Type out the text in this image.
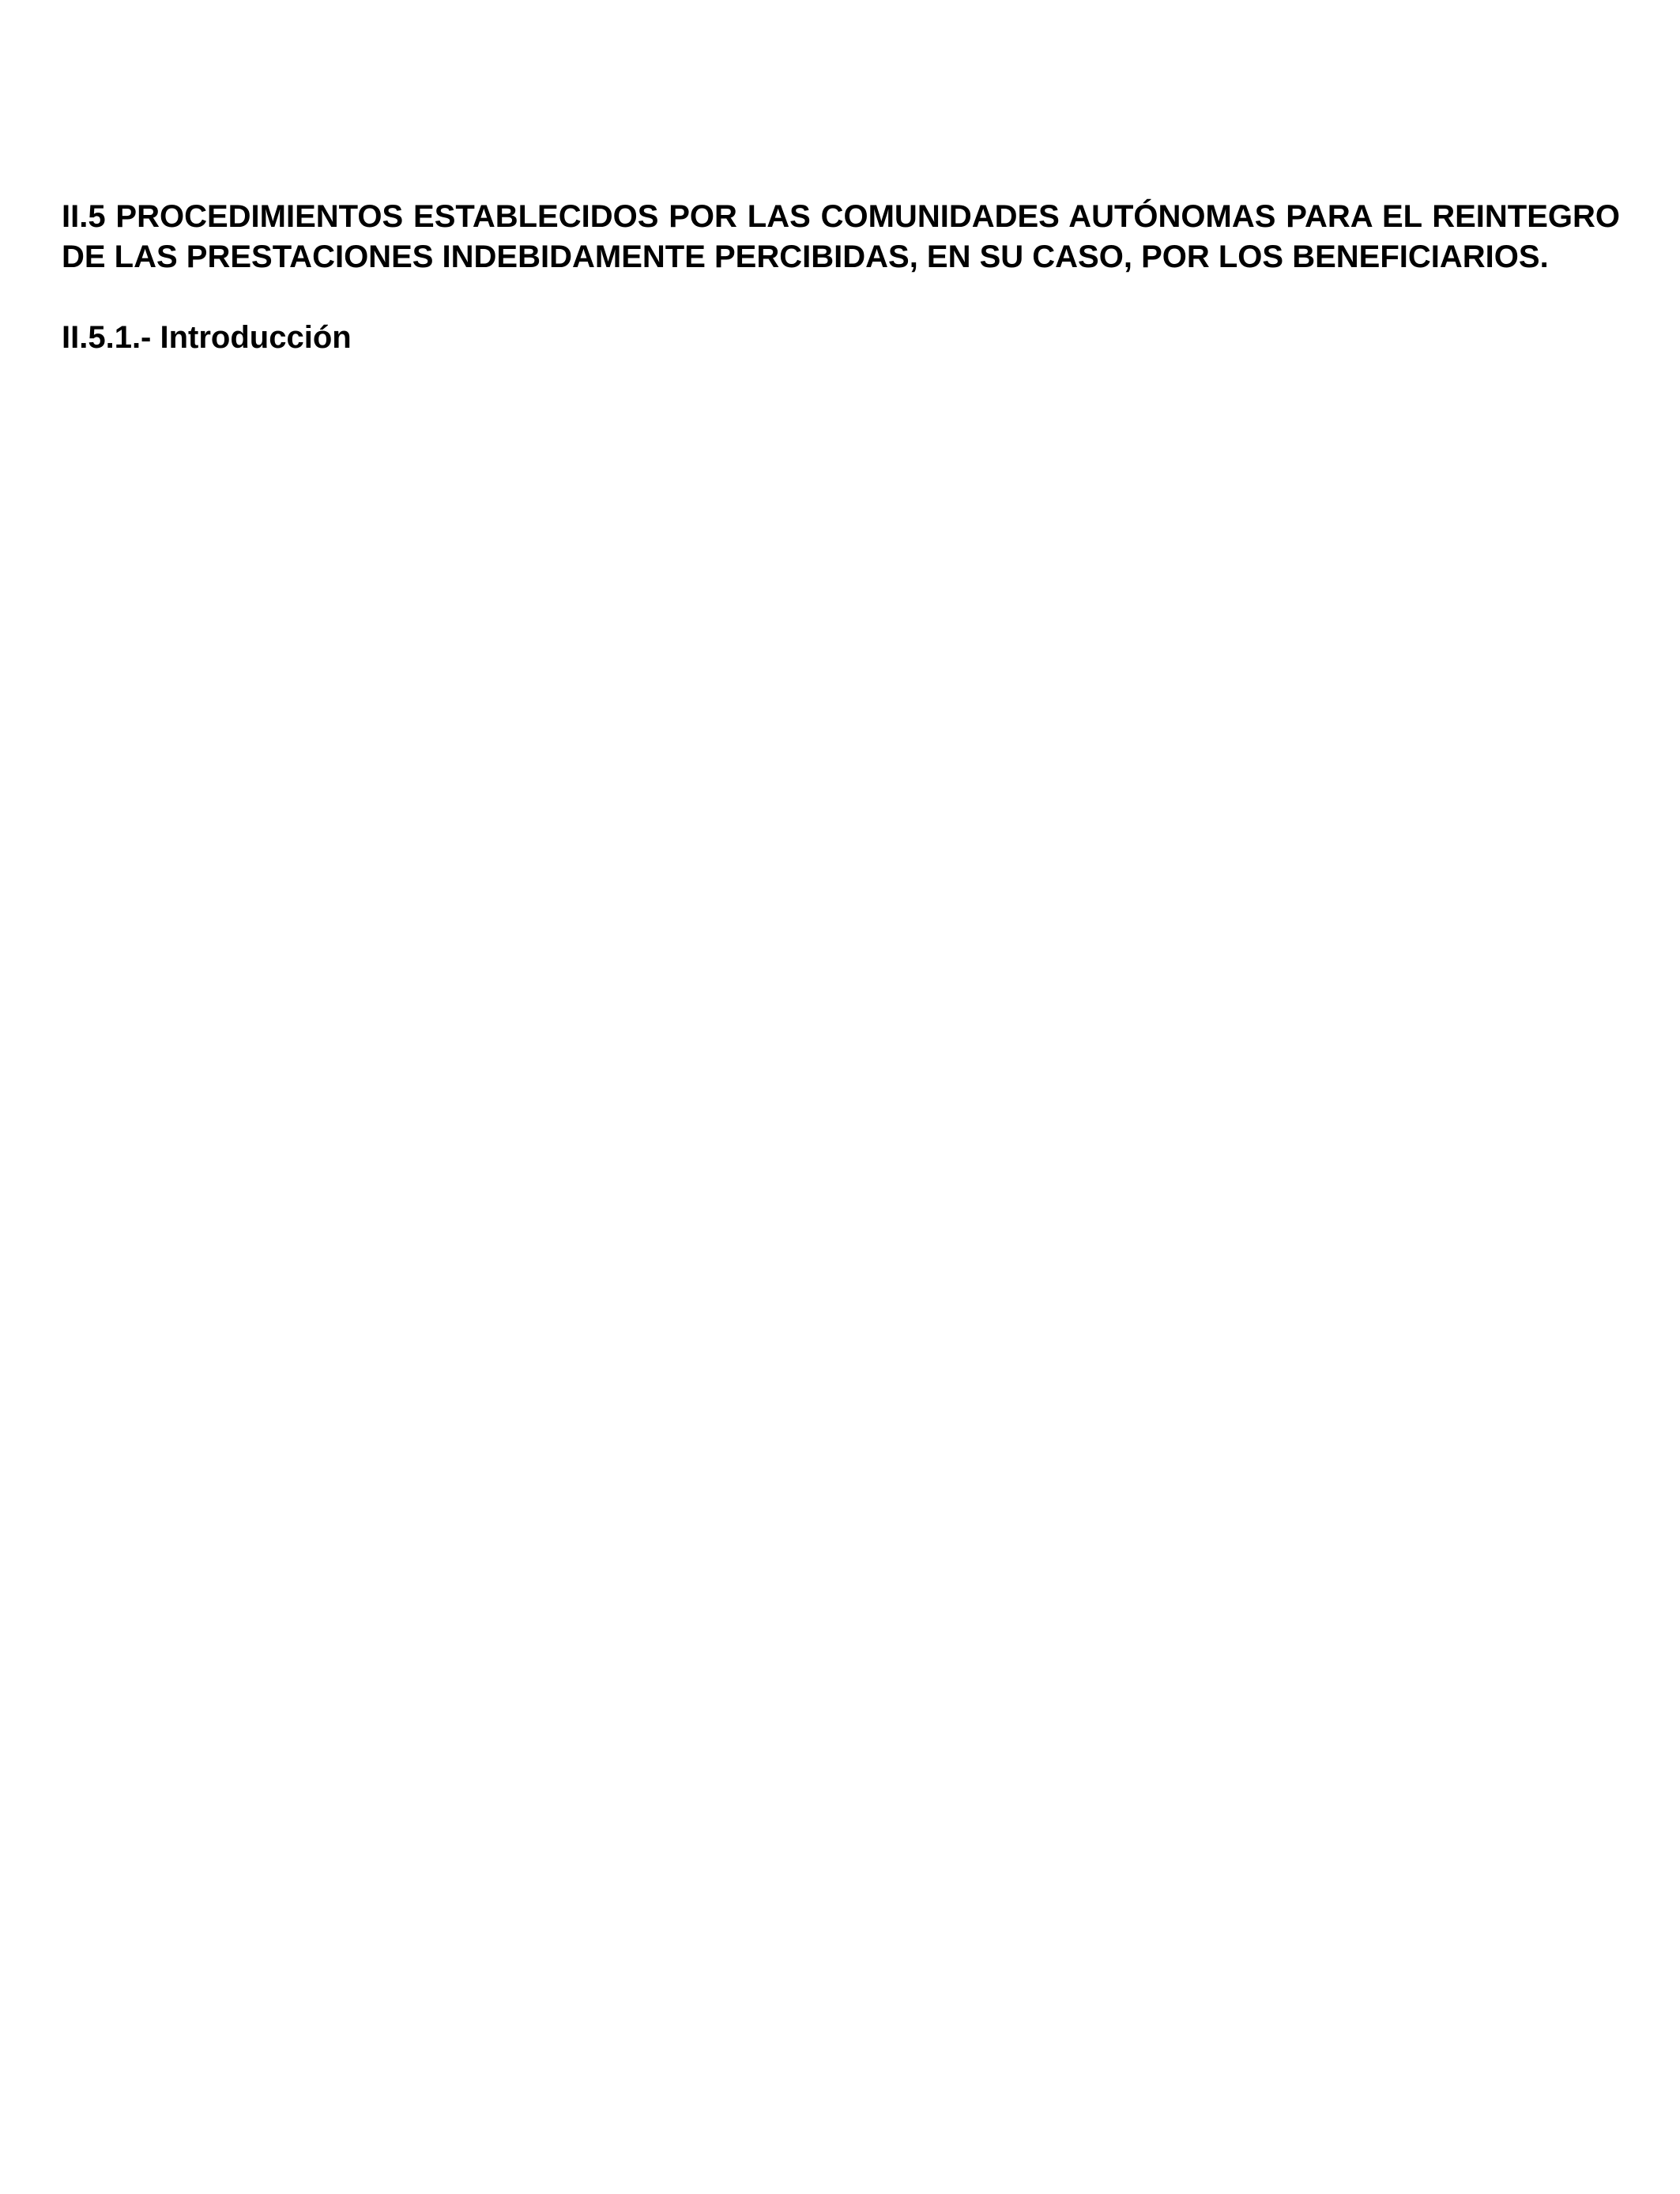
II.5 PROCEDIMIENTOS ESTABLECIDOS POR LAS COMUNIDADES AUTÓNOMAS PARA EL REINTEGRO DE LAS PRESTACIONES INDEBIDAMENTE PERCIBIDAS, EN SU CASO, POR LOS BENEFICIARIOS.

II.5.1.- Introducción
